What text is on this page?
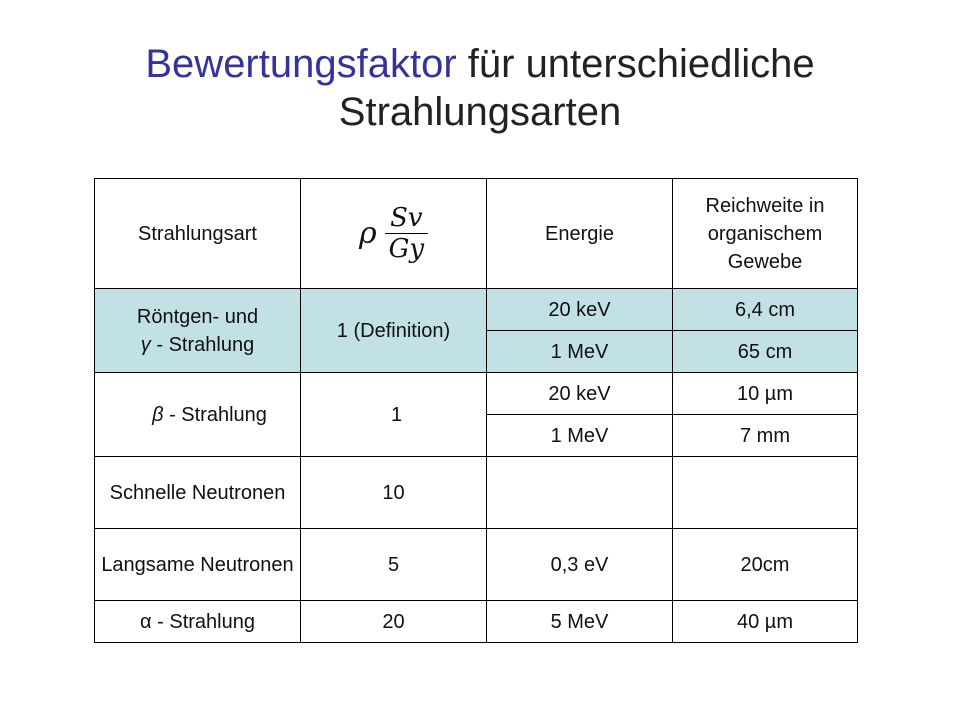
Bewertungsfaktor für unterschiedliche
Strahlungsarten
Strahlungsart	ρ $\frac{Sv}{Gy}$	Energie	Reichweite in organischem Gewebe
Röntgen- und
γ - Strahlung	1 (Definition)	20 keV	6,4 cm
		1 MeV	65 cm
β - Strahlung	1	20 keV	10 µm
		1 MeV	7 mm
Schnelle Neutronen	10		
Langsame Neutronen	5	0,3 eV	20cm
α - Strahlung	20	5 MeV	40 µm
